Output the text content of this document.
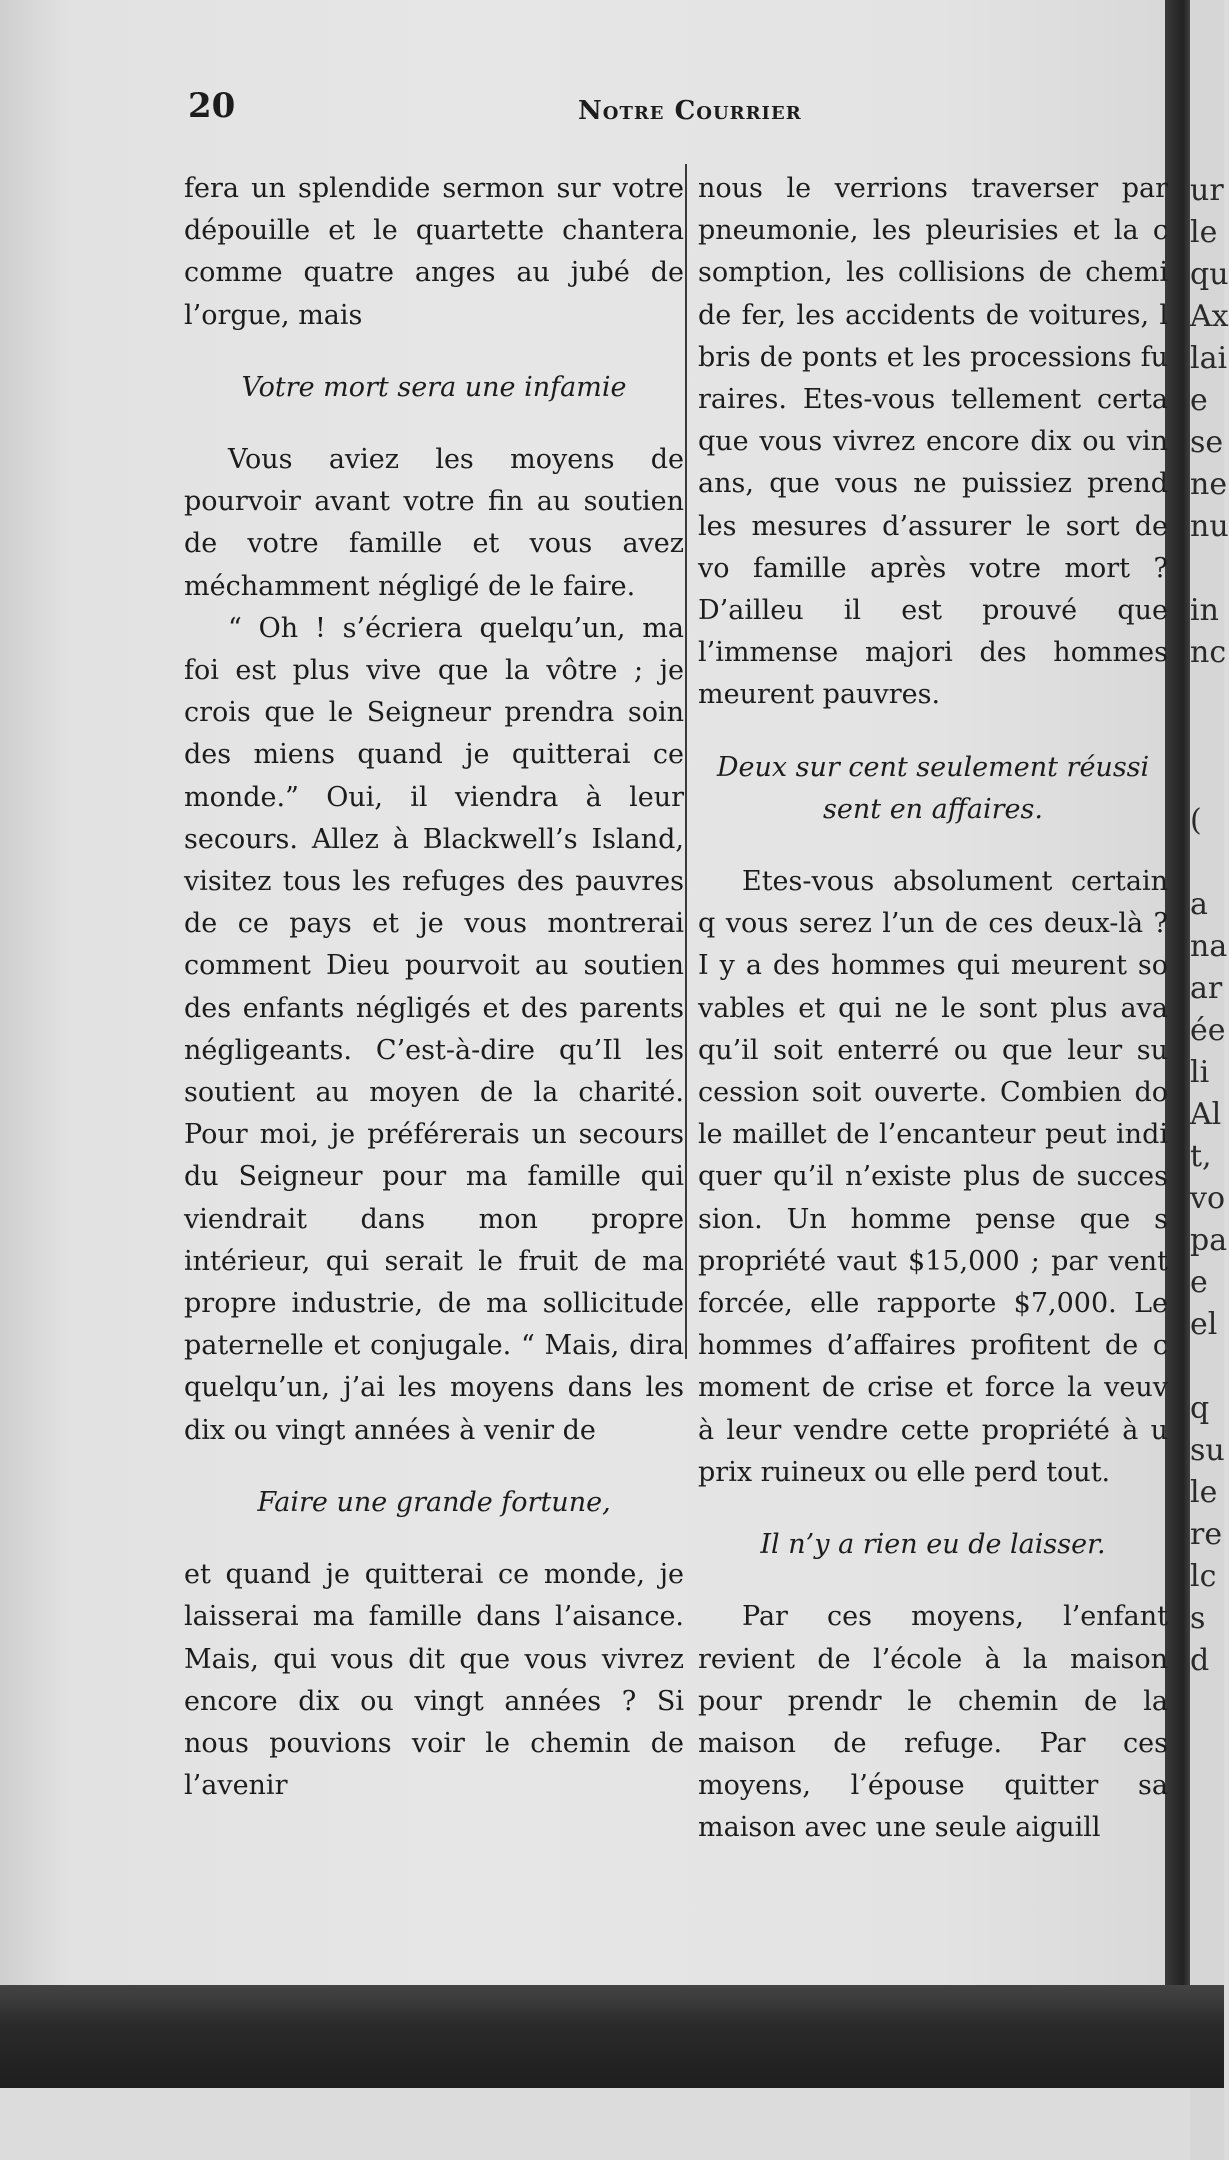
ur
le
qu
Ax
lai
e
se
ne
nu

in
nc

(

a
na
ar
ée
li
Al
t,
vo
pa
e
el

q
su
le
re
lc
s
d
20	Notre Courrier

fera un splendide sermon sur votre dépouille et le quartette chantera comme quatre anges au jubé de l’orgue, mais

Votre mort sera une infamie

Vous aviez les moyens de pourvoir avant votre fin au soutien de votre famille et vous avez méchamment négligé de le faire.

“ Oh ! s’écriera quelqu’un, ma foi est plus vive que la vôtre ; je crois que le Seigneur prendra soin des miens quand je quitterai ce monde.” Oui, il viendra à leur secours. Allez à Blackwell’s Island, visitez tous les refuges des pauvres de ce pays et je vous montrerai comment Dieu pourvoit au soutien des enfants négligés et des parents négligeants. C’est-à-dire qu’Il les soutient au moyen de la charité. Pour moi, je préférerais un secours du Seigneur pour ma famille qui viendrait dans mon propre intérieur, qui serait le fruit de ma propre industrie, de ma sollicitude paternelle et conjugale. “ Mais, dira quelqu’un, j’ai les moyens dans les dix ou vingt années à venir de

Faire une grande fortune,

et quand je quitterai ce monde, je laisserai ma famille dans l’aisance. Mais, qui vous dit que vous vivrez encore dix ou vingt années ? Si nous pouvions voir le chemin de l’avenir

nous le verrions traverser par pneumonie, les pleurisies et la c somption, les collisions de chemi de fer, les accidents de voitures, l bris de ponts et les processions fu raires. Etes-vous tellement certa que vous vivrez encore dix ou vin ans, que vous ne puissiez prend les mesures d’assurer le sort de vo famille après votre mort ? D’ailleu il est prouvé que l’immense majori des hommes meurent pauvres.

Deux sur cent seulement réussi sent en affaires.

Etes-vous absolument certain q vous serez l’un de ces deux-là ? I y a des hommes qui meurent so vables et qui ne le sont plus ava qu’il soit enterré ou que leur su cession soit ouverte. Combien do le maillet de l’encanteur peut indi quer qu’il n’existe plus de succes sion. Un homme pense que s propriété vaut $15,000 ; par vent forcée, elle rapporte $7,000. Le hommes d’affaires profitent de c moment de crise et force la veuv à leur vendre cette propriété à u prix ruineux ou elle perd tout.

Il n’y a rien eu de laisser.

Par ces moyens, l’enfant revient de l’école à la maison pour prendr le chemin de la maison de refuge. Par ces moyens, l’épouse quitter sa maison avec une seule aiguill
